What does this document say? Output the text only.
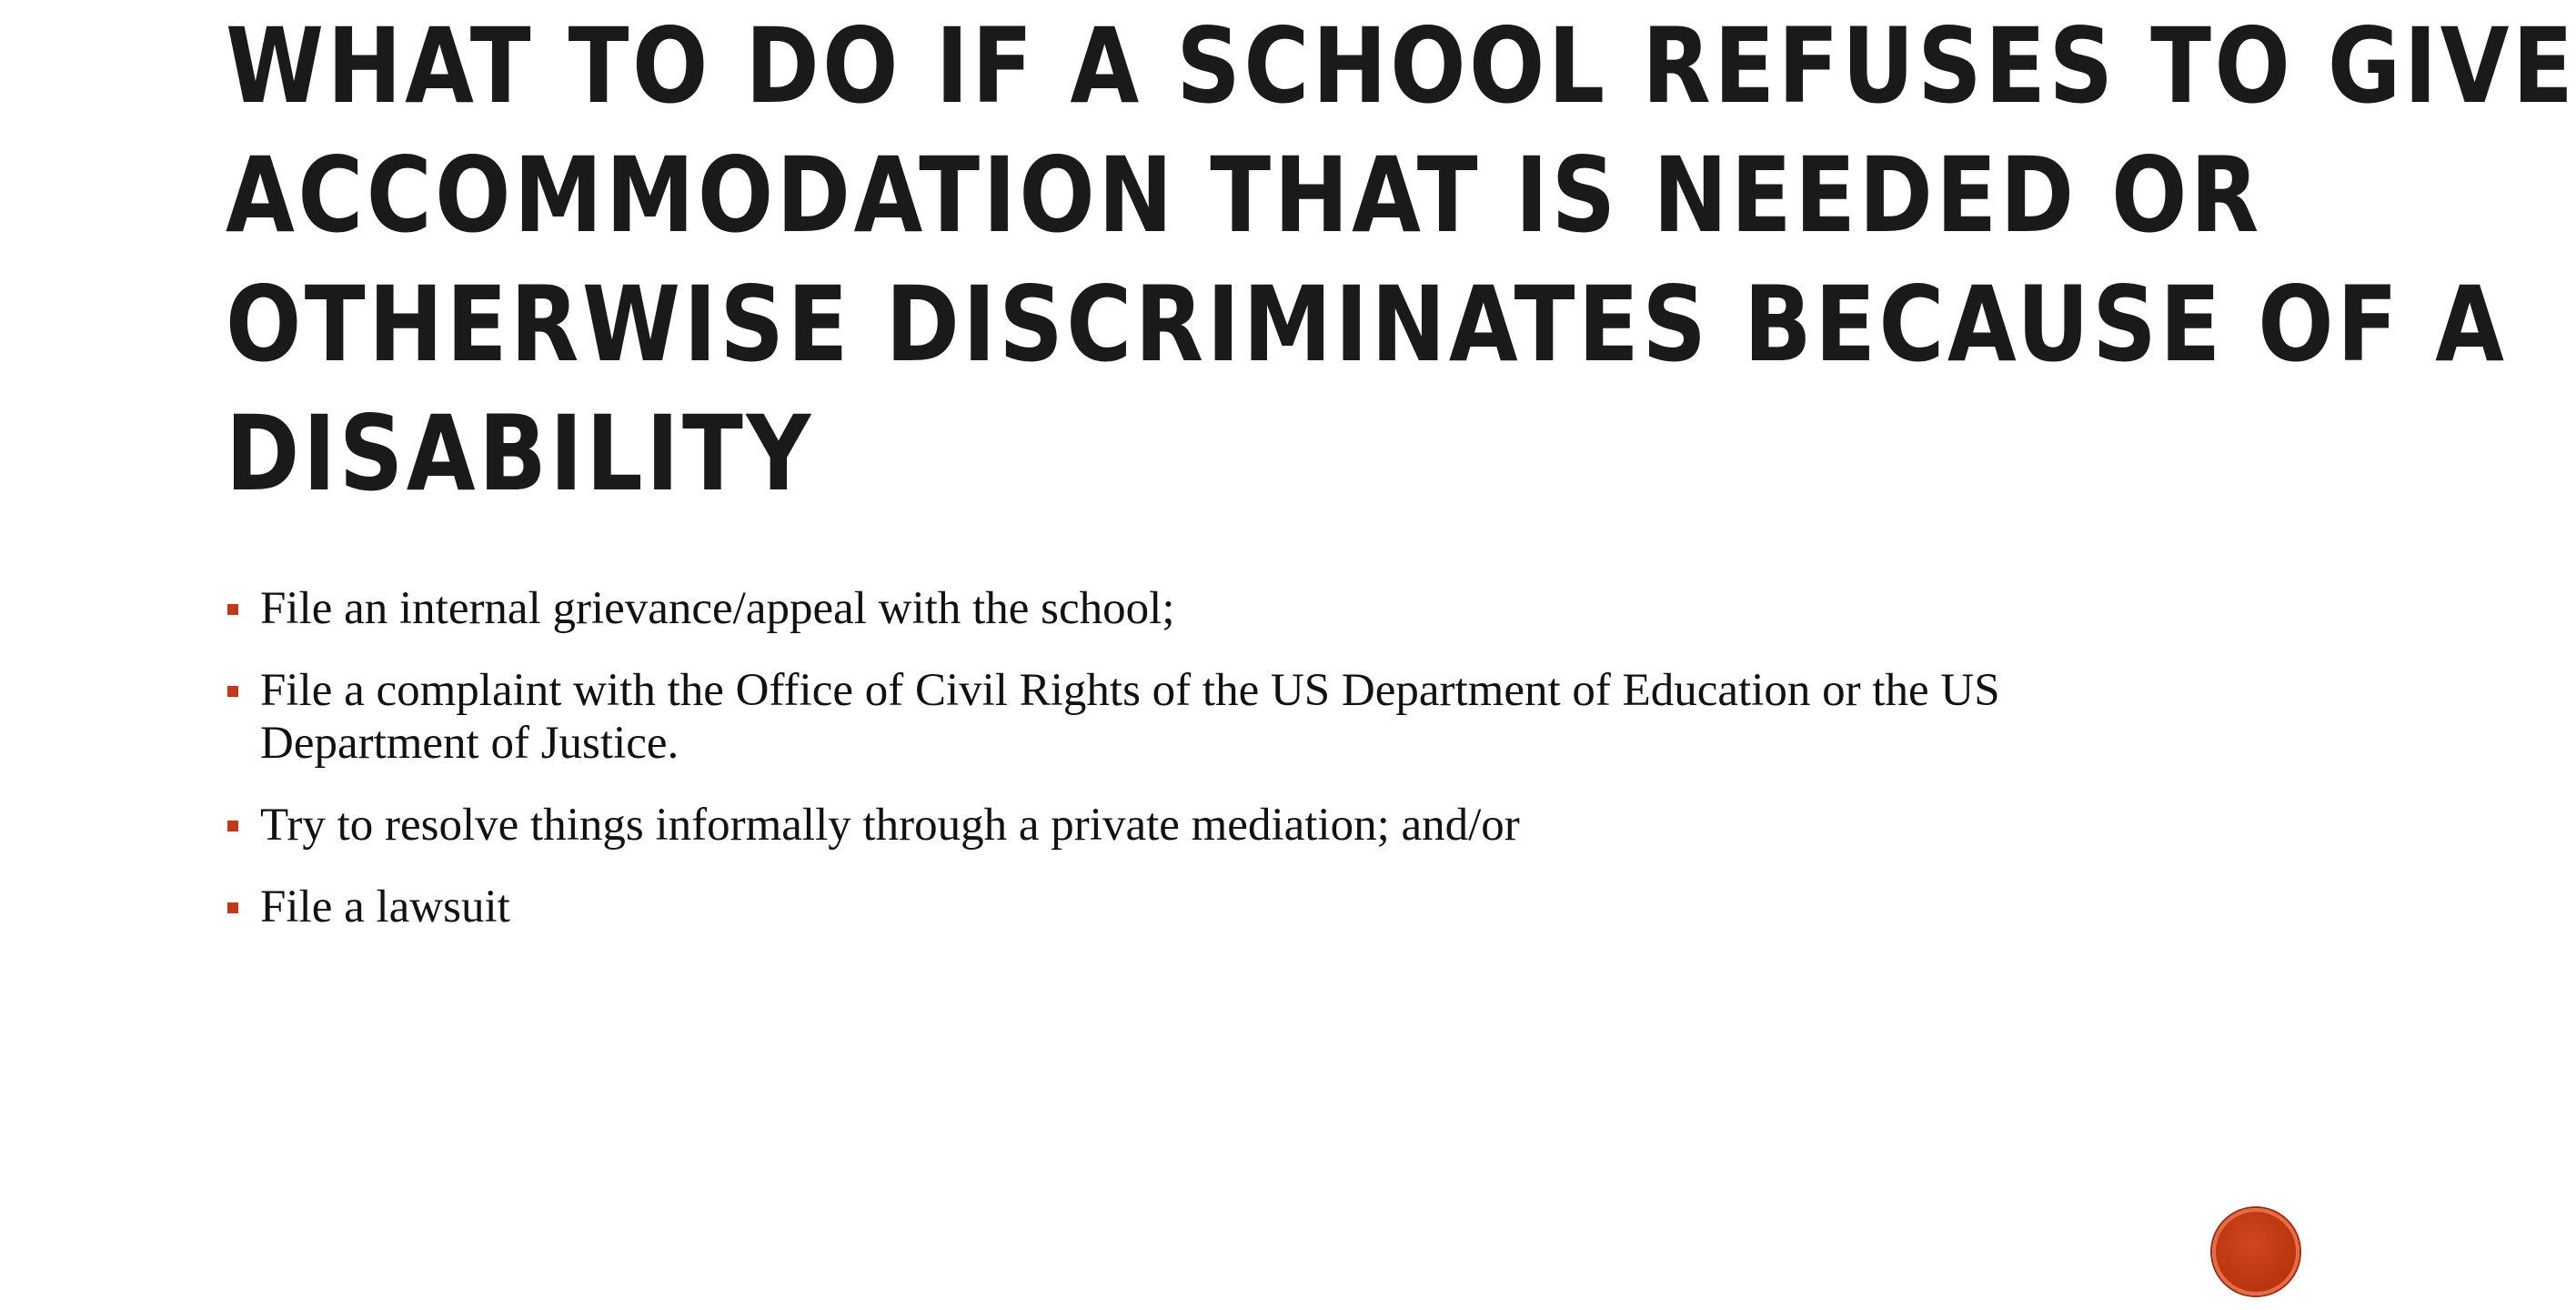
WHAT TO DO IF A SCHOOL REFUSES TO GIVE
ACCOMMODATION THAT IS NEEDED OR
OTHERWISE DISCRIMINATES BECAUSE OF A
DISABILITY
File an internal grievance/appeal with the school;
File a complaint with the Office of Civil Rights of the US Department of Education or the US Department of Justice.
Try to resolve things informally through a private mediation; and/or
File a lawsuit
